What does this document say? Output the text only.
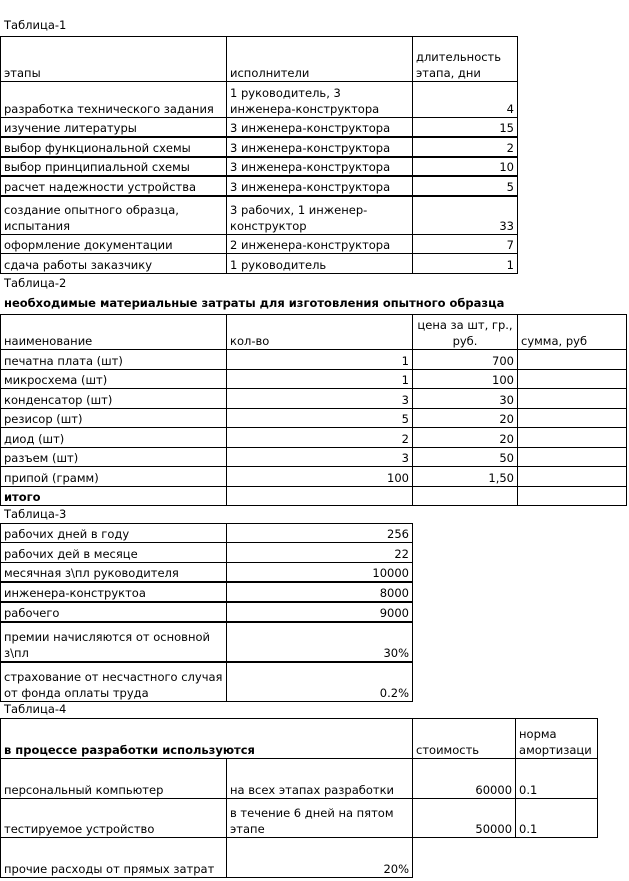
Таблица-1
этапы	исполнители	длительность этапа, дни
разработка технического задания	1 руководитель, 3 инженера-конструктора	4
изучение литературы	3 инженера-конструктора	15
выбор функциональной схемы	3 инженера-конструктора	2
выбор принципиальной схемы	3 инженера-конструктора	10
расчет надежности устройства	3 инженера-конструктора	5
создание опытного образца, испытания	3 рабочих, 1 инженер-конструктор	33
оформление документации	2 инженера-конструктора	7
сдача работы заказчику	1 руководитель	1
Таблица-2
необходимые материальные затраты для изготовления опытного образца
наименование	кол-во	цена за шт, гр., руб.	сумма, руб
печатна плата (шт)	1	700	
микросхема (шт)	1	100	
конденсатор (шт)	3	30	
резисор (шт)	5	20	
диод (шт)	2	20	
разъем (шт)	3	50	
припой (грамм)	100	1,50	
итого			
Таблица-3
рабочих дней в году	256
рабочих дей в месяце	22
месячная з\пл руководителя	10000
инженера-конструктоа	8000
рабочего	9000
премии начисляются от основной з\пл	30%
страхование от несчастного случая от фонда оплаты труда	0.2%
Таблица-4
в процессе разработки используются		стоимость	норма амортизаци
персональный компьютер	на всех этапах разработки	60000	0.1
тестируемое устройство	в течение 6 дней на пятом этапе	50000	0.1
прочие расходы от прямых затрат	20%		
